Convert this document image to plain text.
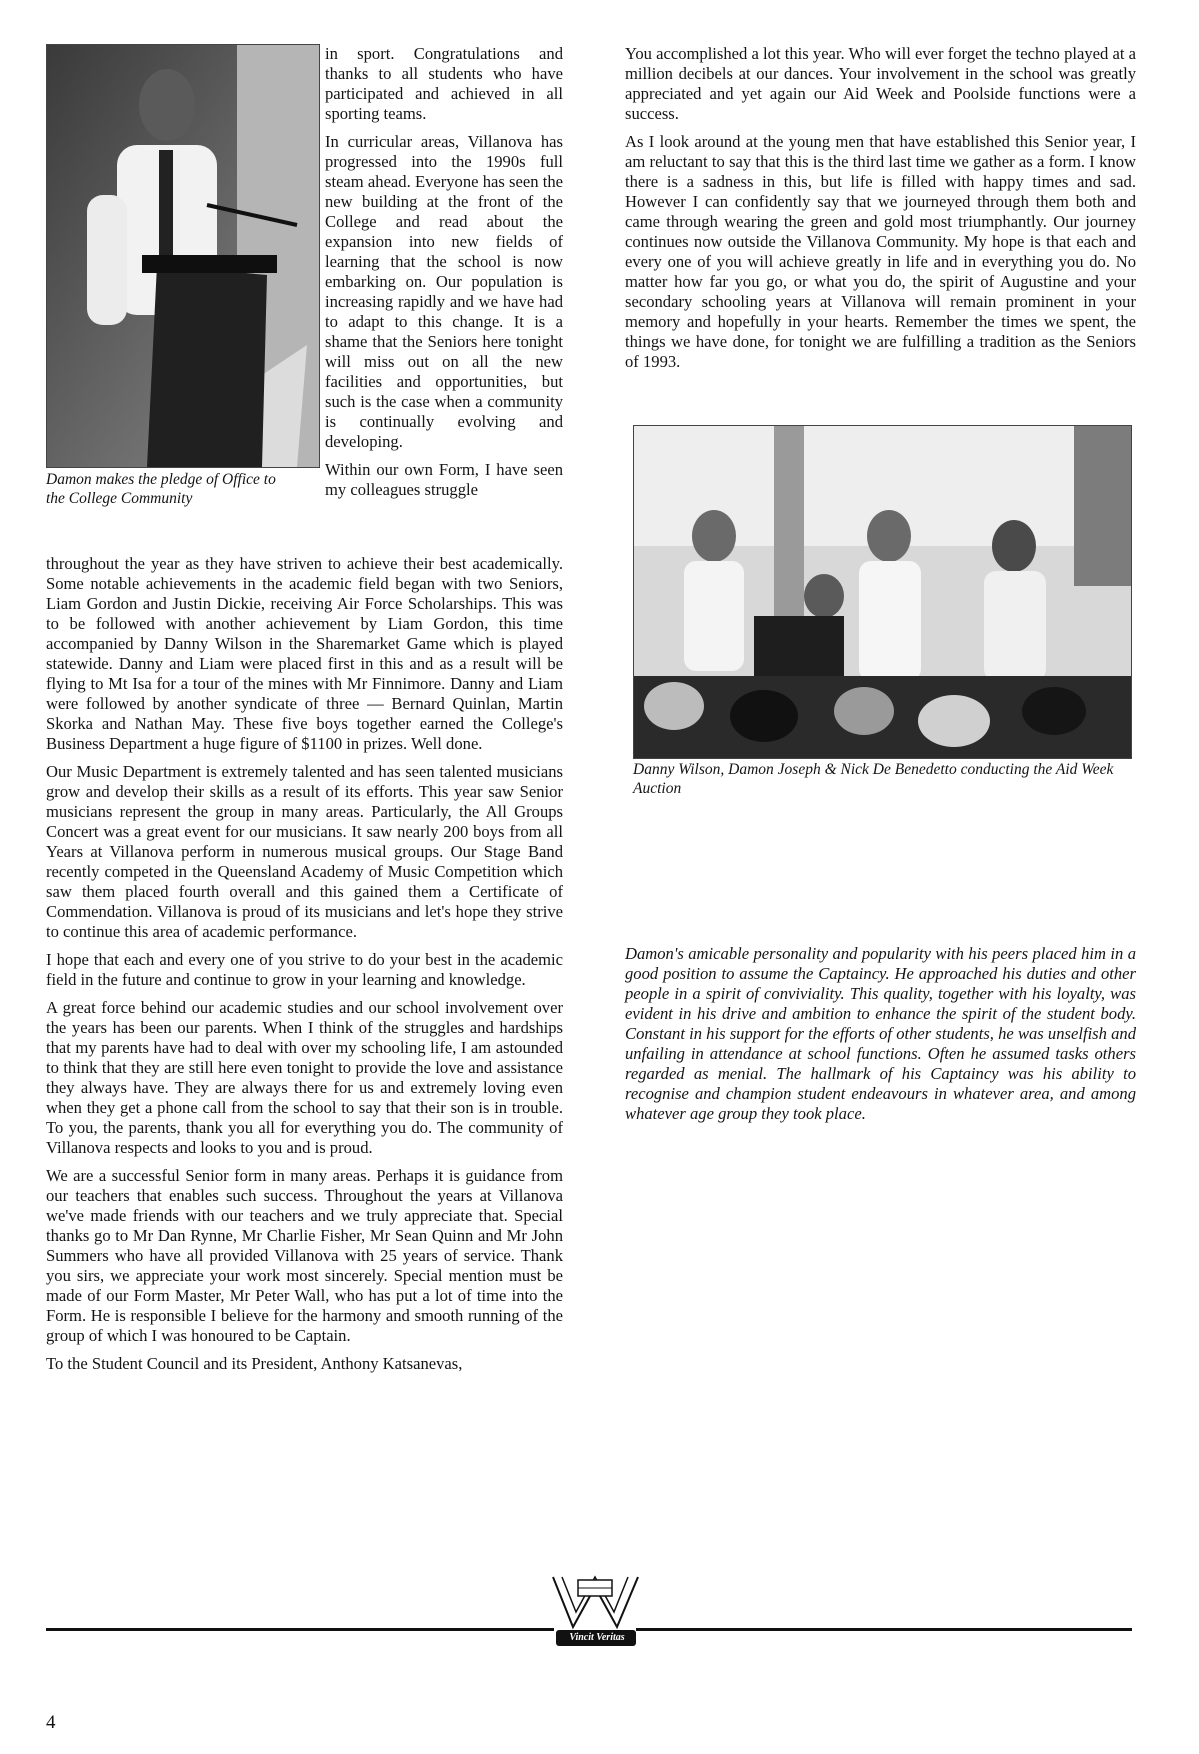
Damon makes the pledge of Office to the College Community

in sport. Congratulations and thanks to all students who have participated and achieved in all sporting teams.

In curricular areas, Villanova has progressed into the 1990s full steam ahead. Everyone has seen the new building at the front of the College and read about the expansion into new fields of learning that the school is now embarking on. Our population is increasing rapidly and we have had to adapt to this change. It is a shame that the Seniors here tonight will miss out on all the new facilities and opportunities, but such is the case when a community is continually evolving and developing.

Within our own Form, I have seen my colleagues struggle

throughout the year as they have striven to achieve their best academically. Some notable achievements in the academic field began with two Seniors, Liam Gordon and Justin Dickie, receiving Air Force Scholarships. This was to be followed with another achievement by Liam Gordon, this time accompanied by Danny Wilson in the Sharemarket Game which is played statewide. Danny and Liam were placed first in this and as a result will be flying to Mt Isa for a tour of the mines with Mr Finnimore. Danny and Liam were followed by another syndicate of three — Bernard Quinlan, Martin Skorka and Nathan May. These five boys together earned the College's Business Department a huge figure of $1100 in prizes. Well done.

Our Music Department is extremely talented and has seen talented musicians grow and develop their skills as a result of its efforts. This year saw Senior musicians represent the group in many areas. Particularly, the All Groups Concert was a great event for our musicians. It saw nearly 200 boys from all Years at Villanova perform in numerous musical groups. Our Stage Band recently competed in the Queensland Academy of Music Competition which saw them placed fourth overall and this gained them a Certificate of Commendation. Villanova is proud of its musicians and let's hope they strive to continue this area of academic performance.

I hope that each and every one of you strive to do your best in the academic field in the future and continue to grow in your learning and knowledge.

A great force behind our academic studies and our school involvement over the years has been our parents. When I think of the struggles and hardships that my parents have had to deal with over my schooling life, I am astounded to think that they are still here even tonight to provide the love and assistance they always have. They are always there for us and extremely loving even when they get a phone call from the school to say that their son is in trouble. To you, the parents, thank you all for everything you do. The community of Villanova respects and looks to you and is proud.

We are a successful Senior form in many areas. Perhaps it is guidance from our teachers that enables such success. Throughout the years at Villanova we've made friends with our teachers and we truly appreciate that. Special thanks go to Mr Dan Rynne, Mr Charlie Fisher, Mr Sean Quinn and Mr John Summers who have all provided Villanova with 25 years of service. Thank you sirs, we appreciate your work most sincerely. Special mention must be made of our Form Master, Mr Peter Wall, who has put a lot of time into the Form. He is responsible I believe for the harmony and smooth running of the group of which I was honoured to be Captain.

To the Student Council and its President, Anthony Katsanevas,

You accomplished a lot this year. Who will ever forget the techno played at a million decibels at our dances. Your involvement in the school was greatly appreciated and yet again our Aid Week and Poolside functions were a success.

As I look around at the young men that have established this Senior year, I am reluctant to say that this is the third last time we gather as a form. I know there is a sadness in this, but life is filled with happy times and sad. However I can confidently say that we journeyed through them both and came through wearing the green and gold most triumphantly. Our journey continues now outside the Villanova Community. My hope is that each and every one of you will achieve greatly in life and in everything you do. No matter how far you go, or what you do, the spirit of Augustine and your secondary schooling years at Villanova will remain prominent in your memory and hopefully in your hearts. Remember the times we spent, the things we have done, for tonight we are fulfilling a tradition as the Seniors of 1993.

Danny Wilson, Damon Joseph & Nick De Benedetto conducting the Aid Week Auction
Damon's amicable personality and popularity with his peers placed him in a good position to assume the Captaincy. He approached his duties and other people in a spirit of conviviality. This quality, together with his loyalty, was evident in his drive and ambition to enhance the spirit of the student body. Constant in his support for the efforts of other students, he was unselfish and unfailing in attendance at school functions. Often he assumed tasks others regarded as menial. The hallmark of his Captaincy was his ability to recognise and champion student endeavours in whatever area, and among whatever age group they took place.
Vincit Veritas
4
